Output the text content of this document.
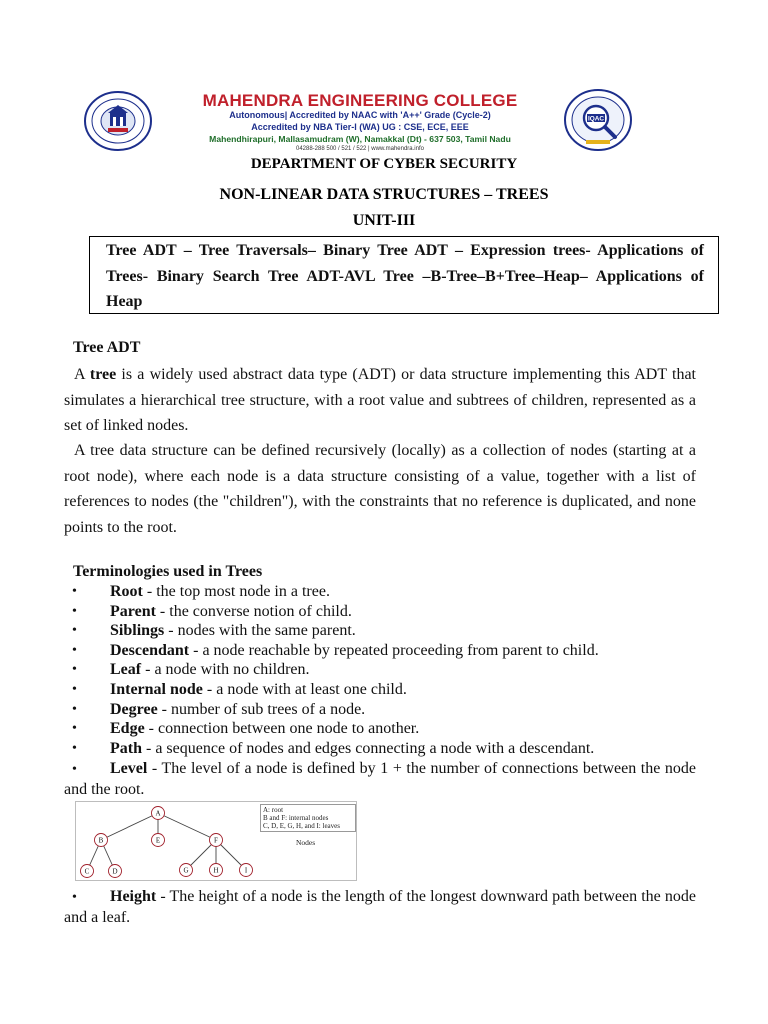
MAHENDRA ENGINEERING COLLEGE
Autonomous| Accredited by NAAC with 'A++' Grade (Cycle-2)
Accredited by NBA Tier-I (WA) UG : CSE, ECE, EEE
Mahendhirapuri, Mallasamudram (W), Namakkal (Dt) - 637 503, Tamil Nadu
04288-288 500 / 521 / 522 | www.mahendra.info
IQAC
DEPARTMENT OF CYBER SECURITY
NON-LINEAR DATA STRUCTURES – TREES
UNIT-III
Tree ADT – Tree Traversals– Binary Tree ADT – Expression trees- Applications of Trees- Binary Search Tree ADT-AVL Tree –B-Tree–B+Tree–Heap– Applications of Heap
Tree ADT
A tree is a widely used abstract data type (ADT) or data structure implementing this ADT that simulates a hierarchical tree structure, with a root value and subtrees of children, represented as a set of linked nodes.
A tree data structure can be defined recursively (locally) as a collection of nodes (starting at a root node), where each node is a data structure consisting of a value, together with a list of references to nodes (the "children"), with the constraints that no reference is duplicated, and none points to the root.
Terminologies used in Trees
• Root - the top most node in a tree.
• Parent - the converse notion of child.
• Siblings - nodes with the same parent.
• Descendant - a node reachable by repeated proceeding from parent to child.
• Leaf - a node with no children.
• Internal node - a node with at least one child.
• Degree - number of sub trees of a node.
• Edge - connection between one node to another.
• Path - a sequence of nodes and edges connecting a node with a descendant.
• Level - The level of a node is defined by 1 + the number of connections between the node and the root.
A
B	E	F
C	D	G	H	I
A: root
B and F: internal nodes
C, D, E, G, H, and I: leaves
Nodes
• Height - The height of a node is the length of the longest downward path between the node and a leaf.
